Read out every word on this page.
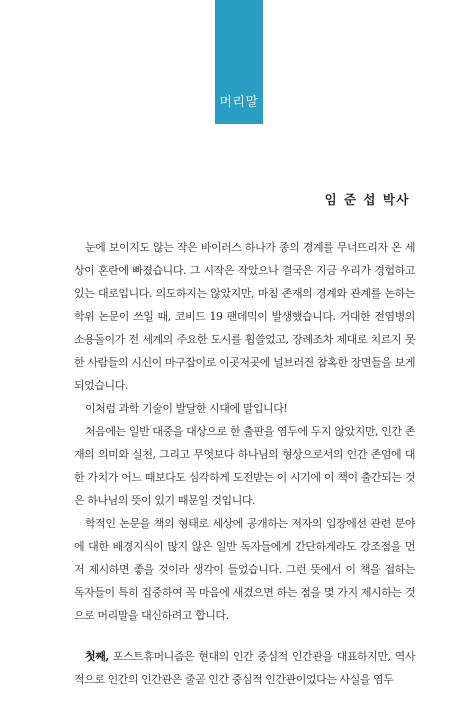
머리말
임 준 섭 박사

눈에 보이지도 않는 작은 바이러스 하나가 종의 경계를 무너뜨리자 온 세상이 혼란에 빠졌습니다. 그 시작은 작았으나 결국은 지금 우리가 경험하고 있는 대로입니다. 의도하지는 않았지만, 마침 존재의 경계와 관계를 논하는 학위 논문이 쓰일 때, 코비드 19 팬데믹이 발생했습니다. 거대한 전염병의 소용돌이가 전 세계의 주요한 도시를 휩쓸었고, 장례조차 제대로 치르지 못한 사람들의 시신이 마구잡이로 이곳저곳에 널브러진 참혹한 장면들을 보게 되었습니다.

이처럼 과학 기술이 발달한 시대에 말입니다!

처음에는 일반 대중을 대상으로 한 출판을 염두에 두지 않았지만, 인간 존재의 의미와 실천, 그리고 무엇보다 하나님의 형상으로서의 인간 존엄에 대한 가치가 어느 때보다도 심각하게 도전받는 이 시기에 이 책이 출간되는 것은 하나님의 뜻이 있기 때문일 것입니다.

학적인 논문을 책의 형태로 세상에 공개하는 저자의 입장에선 관련 분야에 대한 배경지식이 많지 않은 일반 독자들에게 간단하게라도 강조점을 먼저 제시하면 좋을 것이라 생각이 들었습니다. 그런 뜻에서 이 책을 접하는 독자들이 특히 집중하여 꼭 마음에 새겼으면 하는 점을 몇 가지 제시하는 것으로 머리말을 대신하려고 합니다.

첫째, 포스트휴머니즘은 현대의 인간 중심적 인간관을 대표하지만, 역사적으로 인간의 인간관은 줄곧 인간 중심적 인간관이었다는 사실을 염두
